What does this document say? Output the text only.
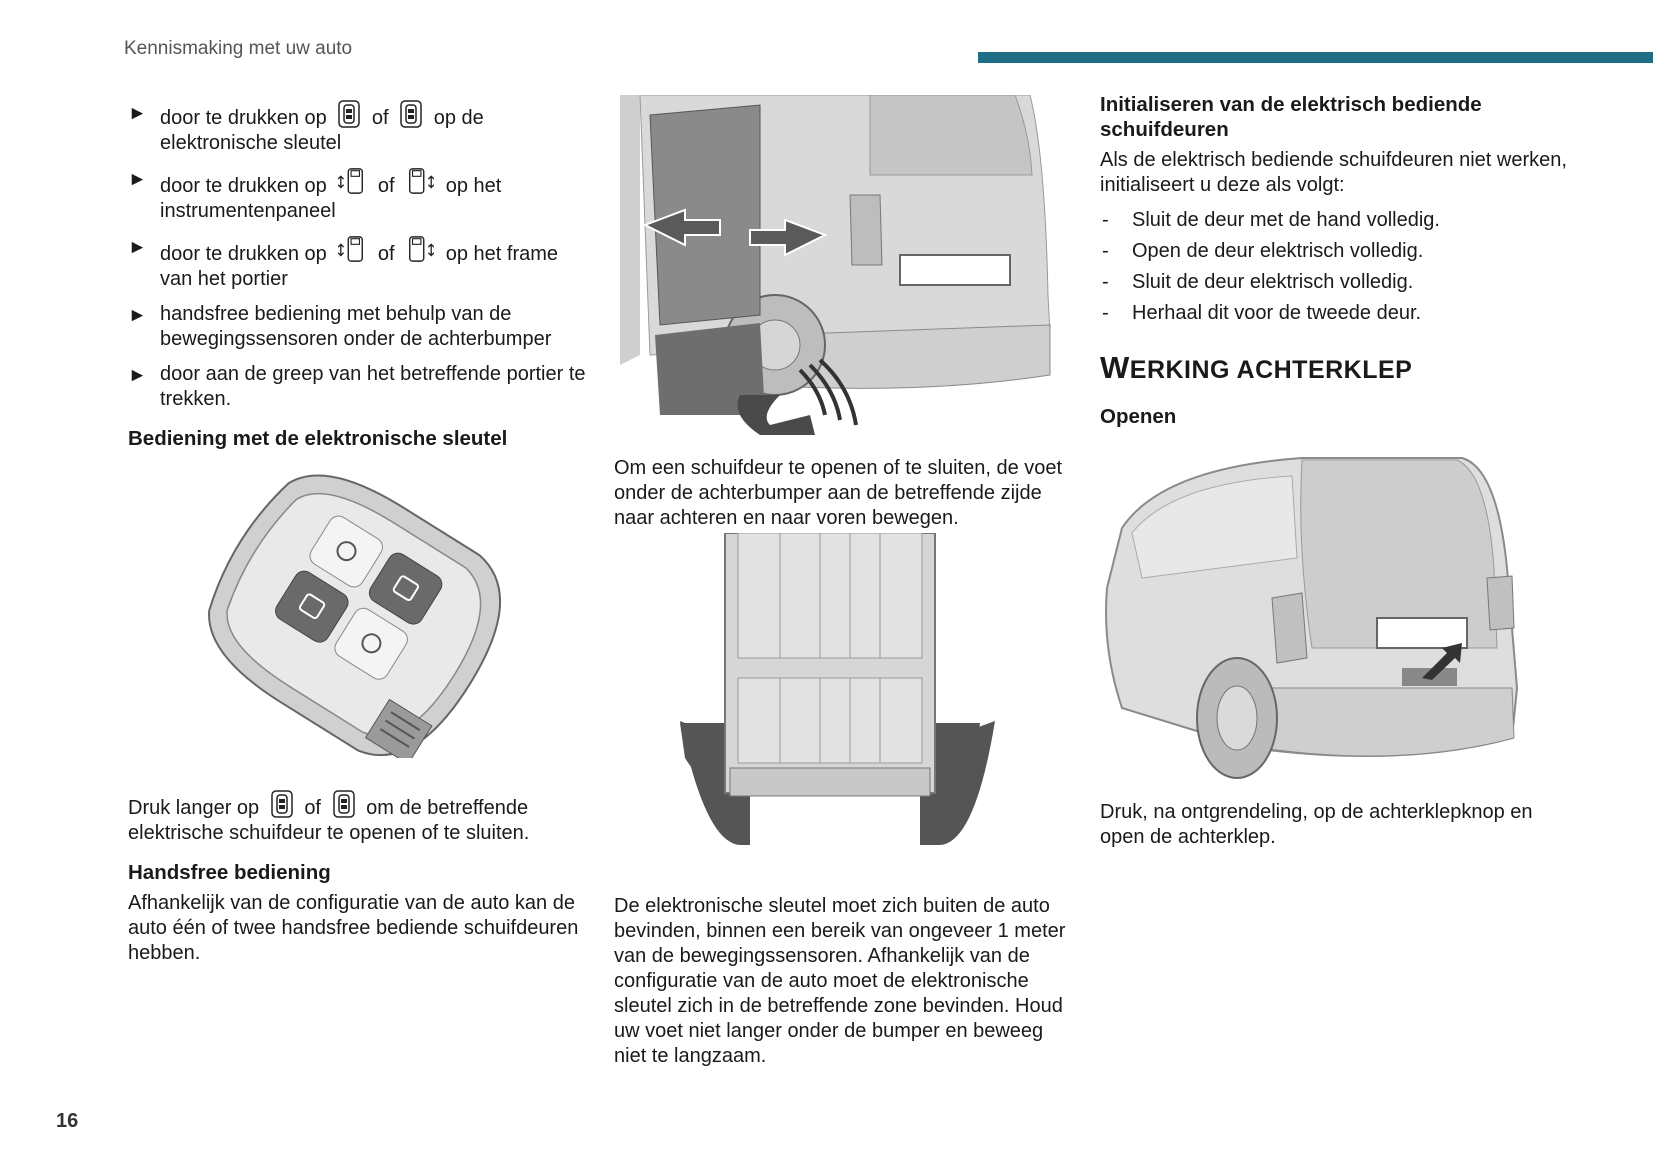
Kennismaking met uw auto
► door te drukken op of op de elektronische sleutel
► door te drukken op	of	op het instrumentenpaneel
► door te drukken op	of	op het frame van het portier
► handsfree bediening met behulp van de bewegingssensoren onder de achterbumper
► door aan de greep van het betreffende portier te trekken.
Bediening met de elektronische sleutel

Druk langer op of om de betreffende elektrische schuifdeur te openen of te sluiten.

Handsfree bediening

Afhankelijk van de configuratie van de auto kan de auto één of twee handsfree bediende schuifdeuren hebben.

Om een schuifdeur te openen of te sluiten, de voet onder de achterbumper aan de betreffende zijde naar achteren en naar voren bewegen.

De elektronische sleutel moet zich buiten de auto bevinden, binnen een bereik van ongeveer 1 meter van de bewegingssensoren. Afhankelijk van de configuratie van de auto moet de elektronische sleutel zich in de betreffende zone bevinden. Houd uw voet niet langer onder de bumper en beweeg niet te langzaam.

Initialiseren van de elektrisch bediende schuifdeuren

Als de elektrisch bediende schuifdeuren niet werken, initialiseert u deze als volgt:

- Sluit de deur met de hand volledig.
- Open de deur elektrisch volledig.
- Sluit de deur elektrisch volledig.
- Herhaal dit voor de tweede deur.
WERKING ACHTERKLEP
Openen

Druk, na ontgrendeling, op de achterklepknop en open de achterklep.

16
